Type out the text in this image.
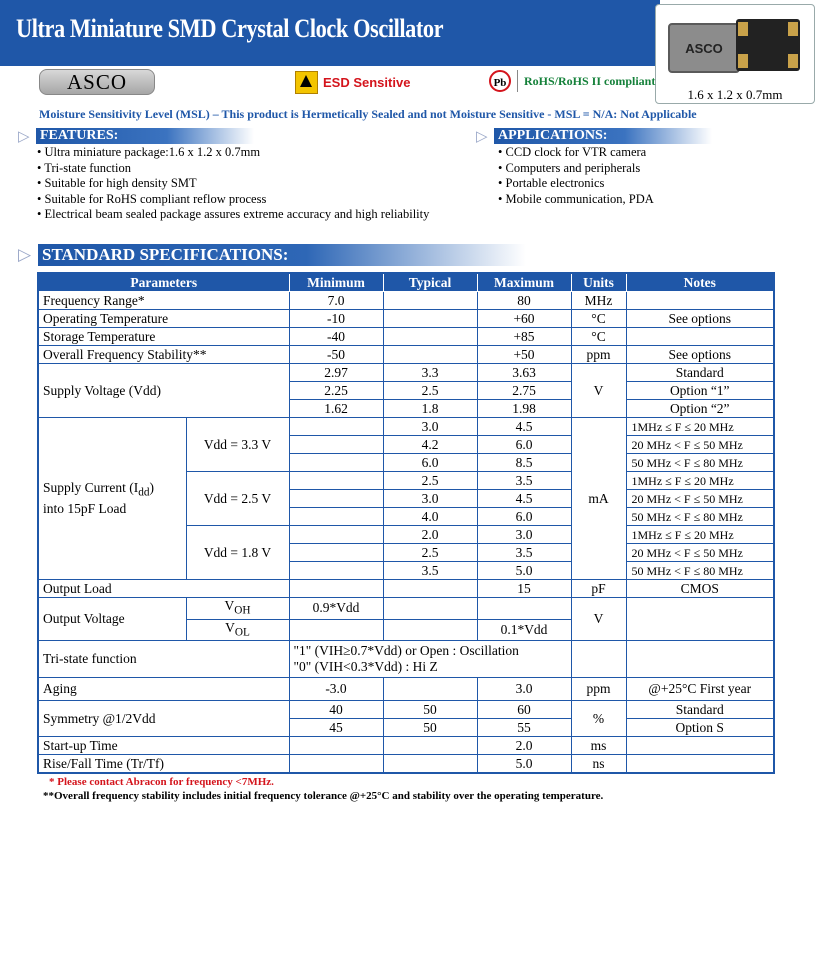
Ultra Miniature SMD Crystal Clock Oscillator
ASCO
1.6 x 1.2 x 0.7mm
ASCO	ESD Sensitive	Pb	RoHS/RoHS II compliant
Moisture Sensitivity Level (MSL) – This product is Hermetically Sealed and not Moisture Sensitive - MSL = N/A: Not Applicable
▷ FEATURES:
• Ultra miniature package:1.6 x 1.2 x 0.7mm
• Tri-state function
• Suitable for high density SMT
• Suitable for RoHS compliant reflow process
• Electrical beam sealed package assures extreme accuracy and high reliability
▷ APPLICATIONS:
• CCD clock for VTR camera
• Computers and peripherals
• Portable electronics
• Mobile communication, PDA
▷ STANDARD SPECIFICATIONS:
Parameters		Minimum	Typical	Maximum	Units	Notes
Frequency Range*		7.0		80	MHz	
Operating Temperature		-10		+60	°C	See options
Storage Temperature		-40		+85	°C	
Overall Frequency Stability**		-50		+50	ppm	See options
Supply Voltage (Vdd)		2.97	3.3	3.63	V	Standard
		2.25	2.5	2.75		Option “1”
		1.62	1.8	1.98		Option “2”
Supply Current $(I_{dd})$
into 15pF Load	Vdd = 3.3 V		3.0	4.5	mA	1MHz ≤ F ≤ 20 MHz
			4.2	6.0		20 MHz < F ≤ 50 MHz
			6.0	8.5		50 MHz < F ≤ 80 MHz
	Vdd = 2.5 V		2.5	3.5		1MHz ≤ F ≤ 20 MHz
			3.0	4.5		20 MHz < F ≤ 50 MHz
			4.0	6.0		50 MHz < F ≤ 80 MHz
	Vdd = 1.8 V		2.0	3.0		1MHz ≤ F ≤ 20 MHz
			2.5	3.5		20 MHz < F ≤ 50 MHz
			3.5	5.0		50 MHz < F ≤ 80 MHz
Output Load				15	pF	CMOS
Output Voltage	$V_{OH}$	0.9*Vdd			V	
	$V_{OL}$			0.1*Vdd		
Tri-state function		"1" (VIH≥0.7*Vdd) or Open : Oscillation
"0" (VIH<0.3*Vdd) : Hi Z				

Aging		-3.0		3.0	ppm	@+25°C First year
Symmetry @1/2Vdd		40	50	60	%	Standard
		45	50	55		Option S
Start-up Time				2.0	ms	
Rise/Fall Time (Tr/Tf)				5.0	ns	
* Please contact Abracon for frequency <7MHz.
**Overall frequency stability includes initial frequency tolerance @+25°C and stability over the operating temperature.
